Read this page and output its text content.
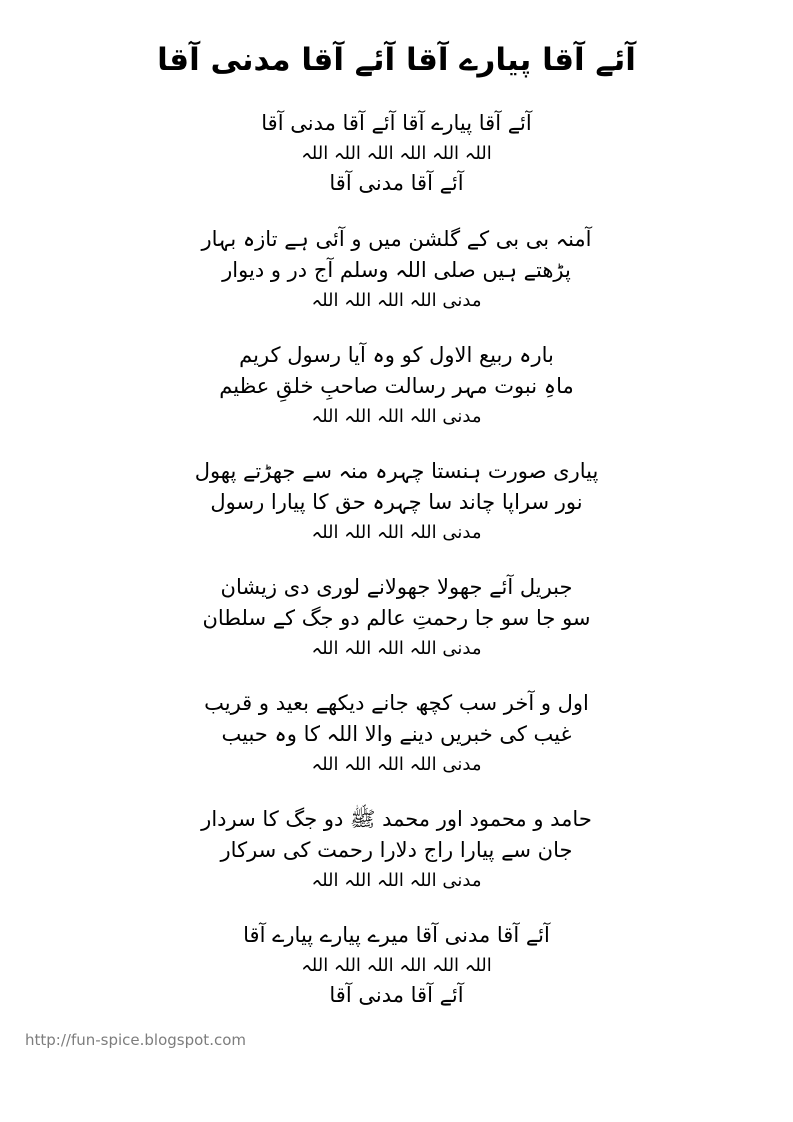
آئے آقا پیارے آقا آئے آقا مدنی آقا

آئے آقا پیارے آقا آئے آقا مدنی آقا

اللہ اللہ اللہ اللہ اللہ اللہ

آئے آقا مدنی آقا

آمنہ بی بی کے گلشن میں و آئی ہے تازہ بہار

پڑھتے ہیں صلی اللہ وسلم آج در و دیوار

مدنی اللہ اللہ اللہ اللہ

بارہ ربیع الاول کو وہ آیا رسول کریم

ماہِ نبوت مہر رسالت صاحبِ خلقِ عظیم

مدنی اللہ اللہ اللہ اللہ

پیاری صورت ہنستا چہرہ منہ سے جھڑتے پھول

نور سراپا چاند سا چہرہ حق کا پیارا رسول

مدنی اللہ اللہ اللہ اللہ

جبریل آئے جھولا جھولانے لوری دی زیشان

سو جا سو جا رحمتِ عالم دو جگ کے سلطان

مدنی اللہ اللہ اللہ اللہ

اول و آخر سب کچھ جانے دیکھے بعید و قریب

غیب کی خبریں دینے والا اللہ کا وہ حبیب

مدنی اللہ اللہ اللہ اللہ

حامد و محمود اور محمد ﷺ دو جگ کا سردار

جان سے پیارا راج دلارا رحمت کی سرکار

مدنی اللہ اللہ اللہ اللہ

آئے آقا مدنی آقا میرے پیارے پیارے آقا

اللہ اللہ اللہ اللہ اللہ اللہ

آئے آقا مدنی آقا

http://fun-spice.blogspot.com
